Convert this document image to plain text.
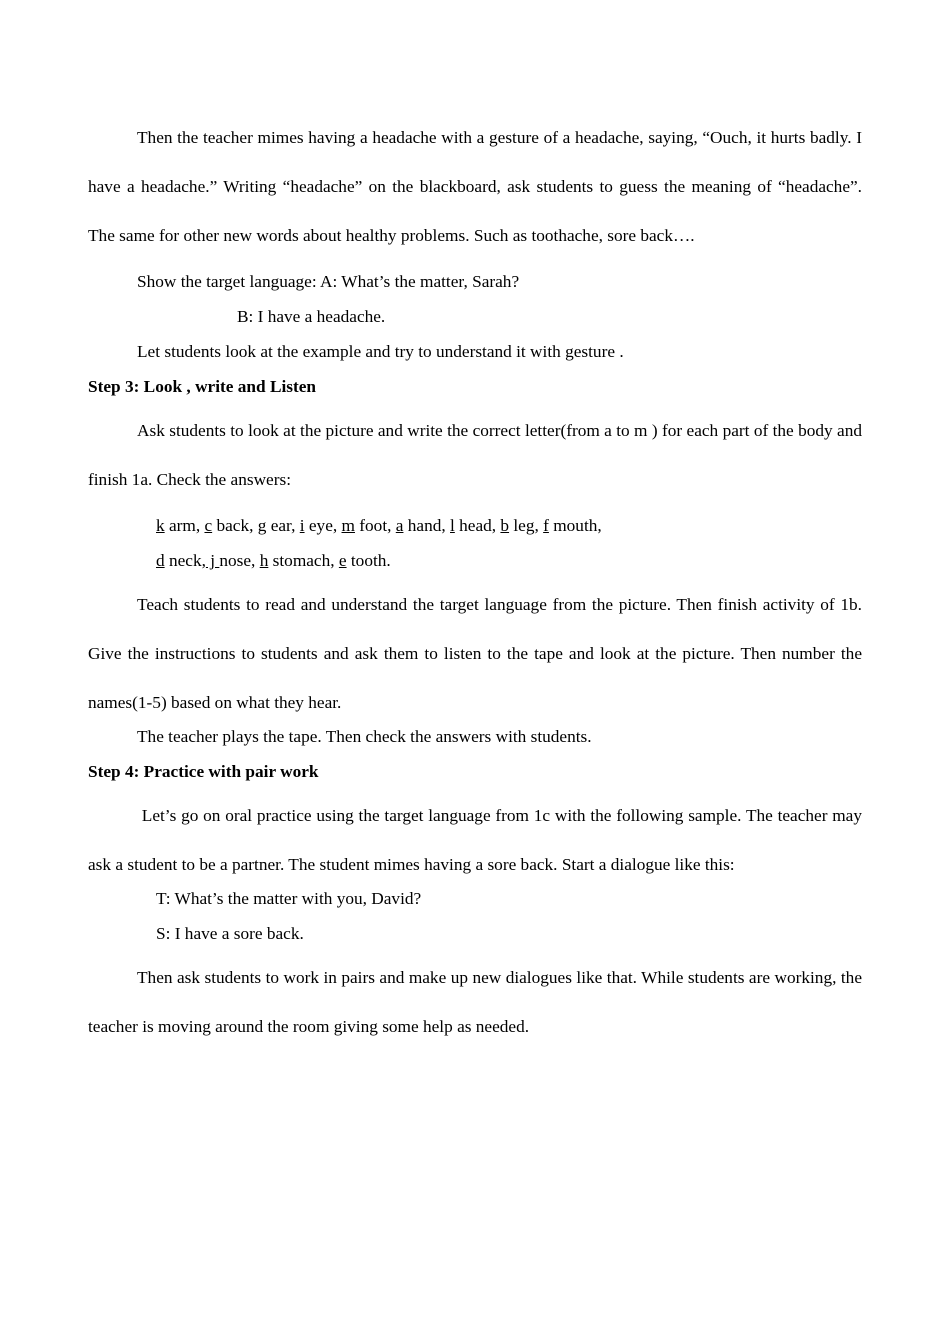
Then the teacher mimes having a headache with a gesture of a headache, saying, “Ouch, it hurts badly. I have a headache.” Writing “headache” on the blackboard, ask students to guess the meaning of “headache”. The same for other new words about healthy problems. Such as toothache, sore back….

Show the target language: A: What’s the matter, Sarah?

B: I have a headache.

Let students look at the example and try to understand it with gesture .

Step 3: Look , write and Listen

Ask students to look at the picture and write the correct letter(from a to m ) for each part of the body and finish 1a. Check the answers:

k arm, c back, g ear, i eye, m foot, a hand, l head, b leg, f mouth,

d neck, j nose, h stomach, e tooth.

Teach students to read and understand the target language from the picture. Then finish activity of 1b. Give the instructions to students and ask them to listen to the tape and look at the picture. Then number the names(1-5) based on what they hear.

The teacher plays the tape. Then check the answers with students.

Step 4: Practice with pair work

Let’s go on oral practice using the target language from 1c with the following sample. The teacher may ask a student to be a partner. The student mimes having a sore back. Start a dialogue like this:

T: What’s the matter with you, David?

S: I have a sore back.

Then ask students to work in pairs and make up new dialogues like that. While students are working, the teacher is moving around the room giving some help as needed.
